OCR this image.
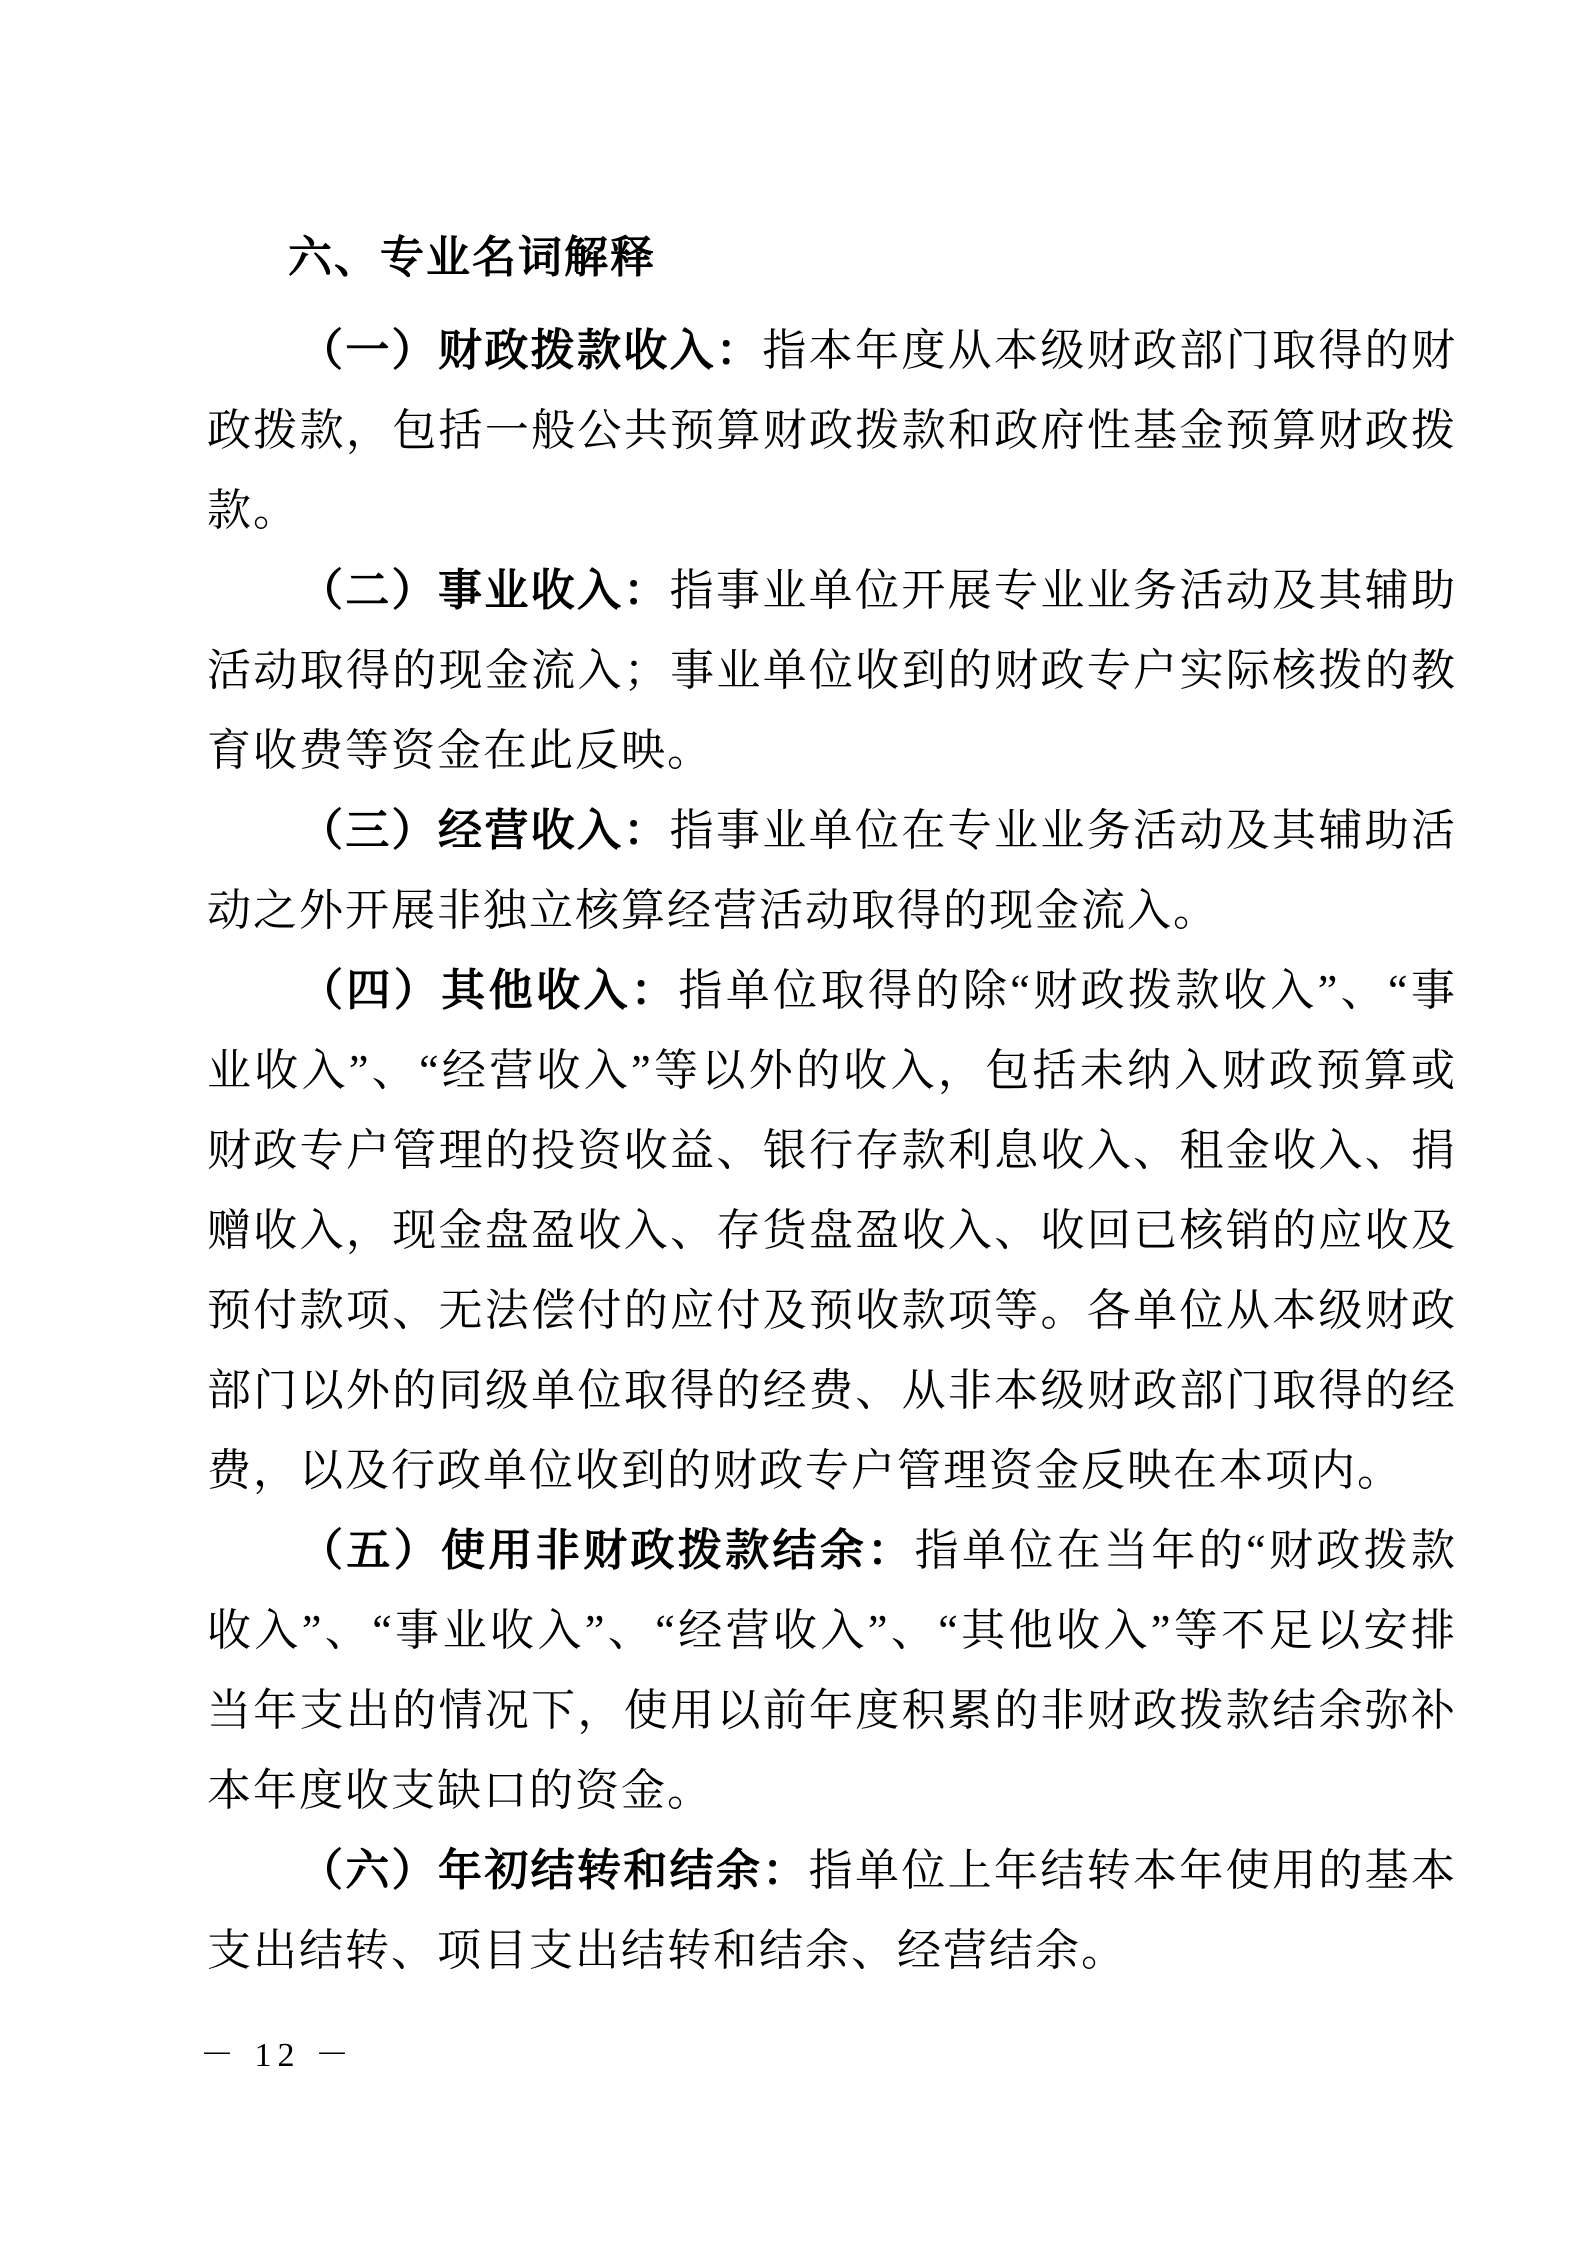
六、专业名词解释

（一）财政拨款收入：指本年度从本级财政部门取得的财政拨款，包括一般公共预算财政拨款和政府性基金预算财政拨款。

（二）事业收入：指事业单位开展专业业务活动及其辅助活动取得的现金流入；事业单位收到的财政专户实际核拨的教育收费等资金在此反映。

（三）经营收入：指事业单位在专业业务活动及其辅助活动之外开展非独立核算经营活动取得的现金流入。

（四）其他收入：指单位取得的除“财政拨款收入”、“事业收入”、“经营收入”等以外的收入，包括未纳入财政预算或财政专户管理的投资收益、银行存款利息收入、租金收入、捐赠收入，现金盘盈收入、存货盘盈收入、收回已核销的应收及预付款项、无法偿付的应付及预收款项等。各单位从本级财政部门以外的同级单位取得的经费、从非本级财政部门取得的经费，以及行政单位收到的财政专户管理资金反映在本项内。

（五）使用非财政拨款结余：指单位在当年的“财政拨款收入”、“事业收入”、“经营收入”、“其他收入”等不足以安排当年支出的情况下，使用以前年度积累的非财政拨款结余弥补本年度收支缺口的资金。

（六）年初结转和结余：指单位上年结转本年使用的基本支出结转、项目支出结转和结余、经营结余。

－ 12 －
